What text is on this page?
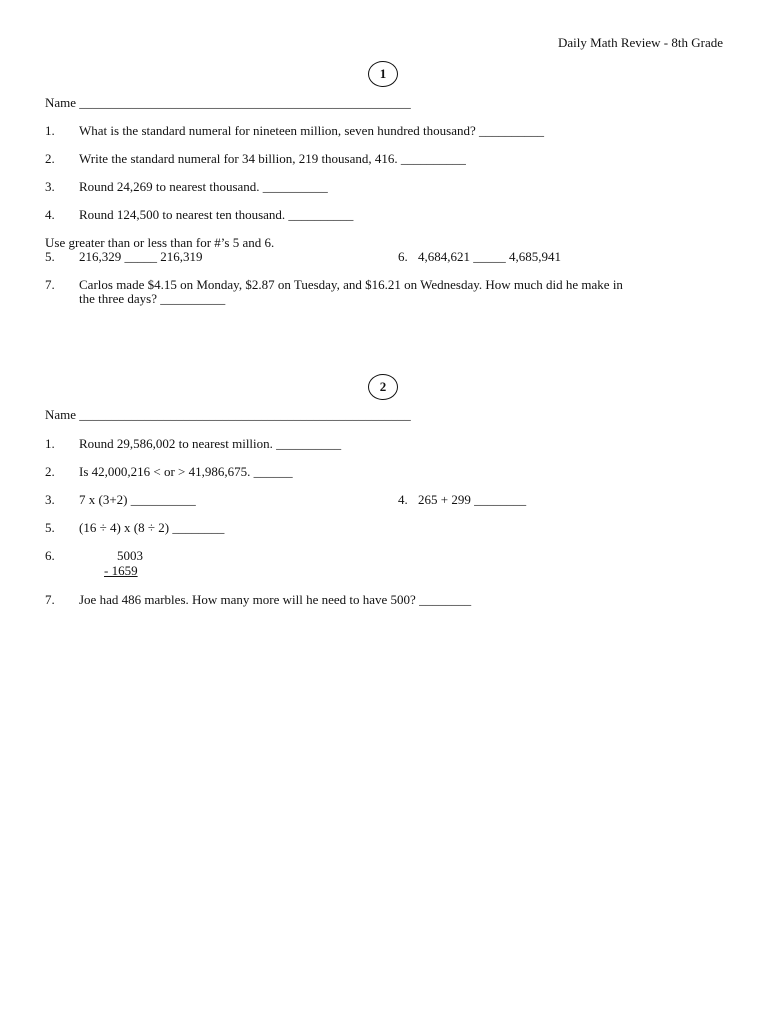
Daily Math Review - 8th Grade
1
Name ___________________________________________________
1. What is the standard numeral for nineteen million, seven hundred thousand? __________
2. Write the standard numeral for 34 billion, 219 thousand, 416. __________
3. Round 24,269 to nearest thousand. __________
4. Round 124,500 to nearest ten thousand. __________
Use greater than or less than for #’s 5 and 6.
5. 216,329 _____ 216,319	6. 4,684,621 _____ 4,685,941
7. Carlos made $4.15 on Monday, $2.87 on Tuesday, and $16.21 on Wednesday. How much did he make in
the three days? __________
2
Name ___________________________________________________
1. Round 29,586,002 to nearest million. __________
2. Is 42,000,216 < or > 41,986,675. ______
3. 7 x (3+2) __________	4. 265 + 299 ________
5. (16 ÷ 4) x (8 ÷ 2) ________
6.	5003
- 1659
7. Joe had 486 marbles. How many more will he need to have 500? ________
